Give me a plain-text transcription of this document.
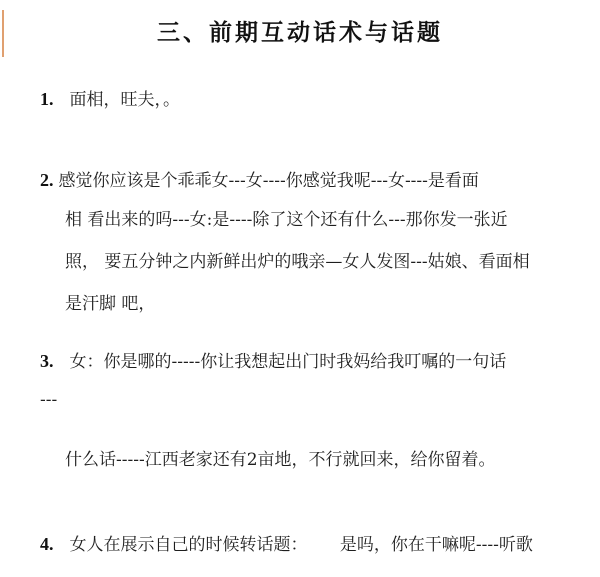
三、前期互动话术与话题
1. 面相，旺夫，。
2. 感觉你应该是个乖乖女---女----你感觉我呢---女----是看面
相 看出来的吗---女:是----除了这个还有什么---那你发一张近
照， 要五分钟之内新鲜出炉的哦亲—女人发图---姑娘、看面相
是汗脚 吧，
3. 女：你是哪的-----你让我想起出门时我妈给我叮嘱的一句话
---
什么话-----江西老家还有2亩地，不行就回来，给你留着。
4. 女人在展示自己的时候转话题：      是吗，你在干嘛呢----听歌
